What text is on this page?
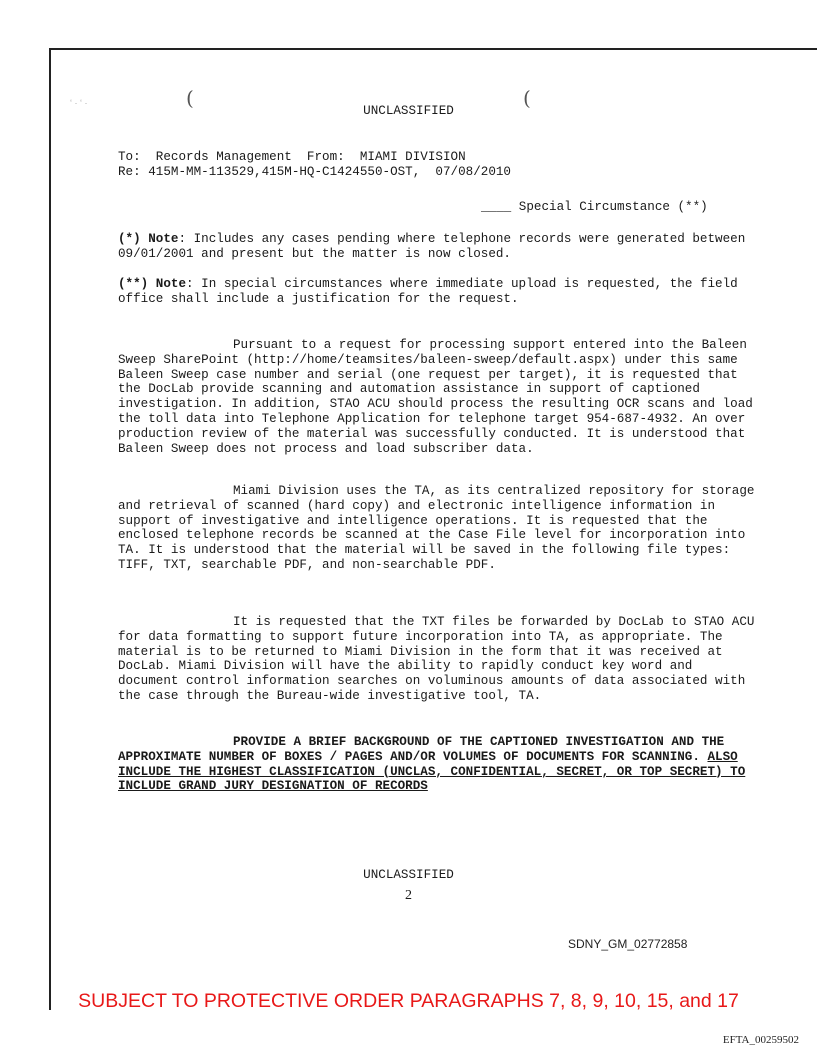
(	(
‘ · ‘ ·
UNCLASSIFIED
To:  Records Management  From:  MIAMI DIVISION
Re: 415M-MM-113529,415M-HQ-C1424550-OST,  07/08/2010
____ Special Circumstance (**)

(*) Note: Includes any cases pending where telephone records were generated between 09/01/2001 and present but the matter is now closed.

(**) Note: In special circumstances where immediate upload is requested, the field office shall include a justification for the request.

Pursuant to a request for processing support entered into the Baleen Sweep SharePoint (http://home/teamsites/baleen-sweep/default.aspx) under this same Baleen Sweep case number and serial (one request per target), it is requested that the DocLab provide scanning and automation assistance in support of captioned investigation. In addition, STAO ACU should process the resulting OCR scans and load the toll data into Telephone Application for telephone target 954-687-4932. An over production review of the material was successfully conducted. It is understood that Baleen Sweep does not process and load subscriber data.

Miami Division uses the TA, as its centralized repository for storage and retrieval of scanned (hard copy) and electronic intelligence information in support of investigative and intelligence operations. It is requested that the enclosed telephone records be scanned at the Case File level for incorporation into TA. It is understood that the material will be saved in the following file types: TIFF, TXT, searchable PDF, and non-searchable PDF.

It is requested that the TXT files be forwarded by DocLab to STAO ACU for data formatting to support future incorporation into TA, as appropriate. The material is to be returned to Miami Division in the form that it was received at DocLab. Miami Division will have the ability to rapidly conduct key word and document control information searches on voluminous amounts of data associated with the case through the Bureau-wide investigative tool, TA.

PROVIDE A BRIEF BACKGROUND OF THE CAPTIONED INVESTIGATION AND THE APPROXIMATE NUMBER OF BOXES / PAGES AND/OR VOLUMES OF DOCUMENTS FOR SCANNING. ALSO INCLUDE THE HIGHEST CLASSIFICATION (UNCLAS, CONFIDENTIAL, SECRET, OR TOP SECRET) TO INCLUDE GRAND JURY DESIGNATION OF RECORDS

UNCLASSIFIED
2
SDNY_GM_02772858
SUBJECT TO PROTECTIVE ORDER PARAGRAPHS 7, 8, 9, 10, 15, and 17
EFTA_00259502
